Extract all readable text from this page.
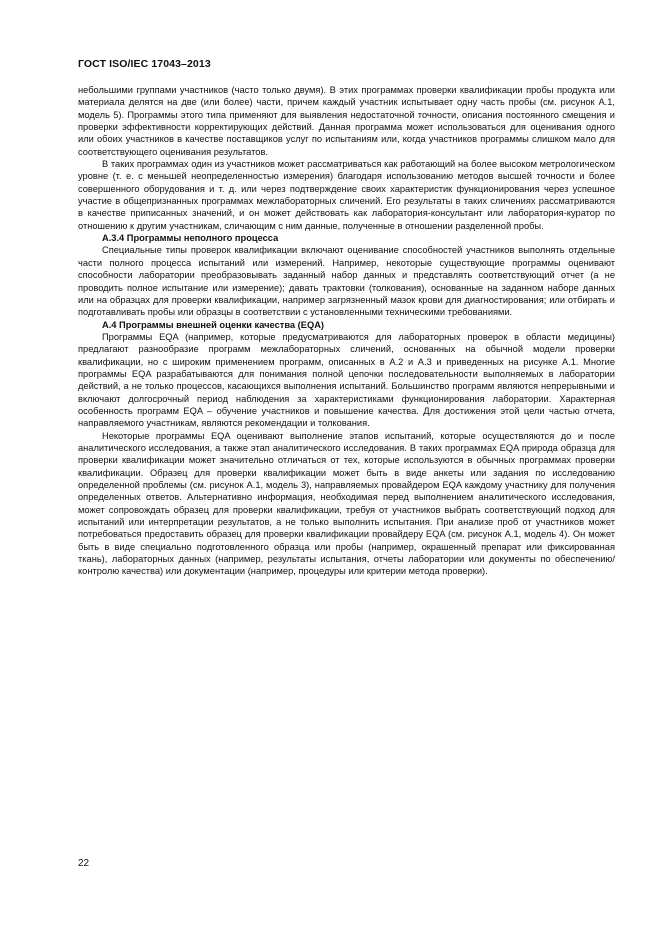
ГОСТ ISO/IEC 17043–2013

небольшими группами участников (часто только двумя). В этих программах проверки квалификации пробы продукта или материала делятся на две (или более) части, причем каждый участник испытывает одну часть пробы (см. рисунок А.1, модель 5). Программы этого типа применяют для выявления недостаточной точности, описания постоянного смещения и проверки эффективности корректирующих действий. Данная программа может использоваться для оценивания одного или обоих участников в качестве поставщиков услуг по испытаниям или, когда участников программы слишком мало для соответствующего оценивания результатов.

В таких программах один из участников может рассматриваться как работающий на более высоком метрологическом уровне (т. е. с меньшей неопределенностью измерения) благодаря использованию методов высшей точности и более совершенного оборудования и т. д. или через подтверждение своих характеристик функционирования через успешное участие в общепризнанных программах межлабораторных сличений. Его результаты в таких сличениях рассматриваются в качестве приписанных значений, и он может действовать как лаборатория-консультант или лаборатория-куратор по отношению к другим участникам, сличающим с ним данные, полученные в отношении разделенной пробы.

А.3.4 Программы неполного процесса

Специальные типы проверок квалификации включают оценивание способностей участников выполнять отдельные части полного процесса испытаний или измерений. Например, некоторые существующие программы оценивают способности лаборатории преобразовывать заданный набор данных и представлять соответствующий отчет (а не проводить полное испытание или измерение); давать трактовки (толкования), основанные на заданном наборе данных или на образцах для проверки квалификации, например загрязненный мазок крови для диагностирования; или отбирать и подготавливать пробы или образцы в соответствии с установленными техническими требованиями.

А.4 Программы внешней оценки качества (EQA)

Программы EQA (например, которые предусматриваются для лабораторных проверок в области медицины) предлагают разнообразие программ межлабораторных сличений, основанных на обычной модели проверки квалификации, но с широким применением программ, описанных в А.2 и А.3 и приведенных на рисунке А.1. Многие программы EQA разрабатываются для понимания полной цепочки последовательности выполняемых в лаборатории действий, а не только процессов, касающихся выполнения испытаний. Большинство программ являются непрерывными и включают долгосрочный период наблюдения за характеристиками функционирования лаборатории. Характерная особенность программ EQA – обучение участников и повышение качества. Для достижения этой цели частью отчета, направляемого участникам, являются рекомендации и толкования.

Некоторые программы EQA оценивают выполнение этапов испытаний, которые осуществляются до и после аналитического исследования, а также этап аналитического исследования. В таких программах EQA природа образца для проверки квалификации может значительно отличаться от тех, которые используются в обычных программах проверки квалификации. Образец для проверки квалификации может быть в виде анкеты или задания по исследованию определенной проблемы (см. рисунок А.1, модель 3), направляемых провайдером EQA каждому участнику для получения определенных ответов. Альтернативно информация, необходимая перед выполнением аналитического исследования, может сопровождать образец для проверки квалификации, требуя от участников выбрать соответствующий подход для испытаний или интерпретации результатов, а не только выполнить испытания. При анализе проб от участников может потребоваться предоставить образец для проверки квалификации провайдеру EQA (см. рисунок А.1, модель 4). Он может быть в виде специально подготовленного образца или пробы (например, окрашенный препарат или фиксированная ткань), лабораторных данных (например, результаты испытания, отчеты лаборатории или документы по обеспечению/контролю качества) или документации (например, процедуры или критерии метода проверки).

22
